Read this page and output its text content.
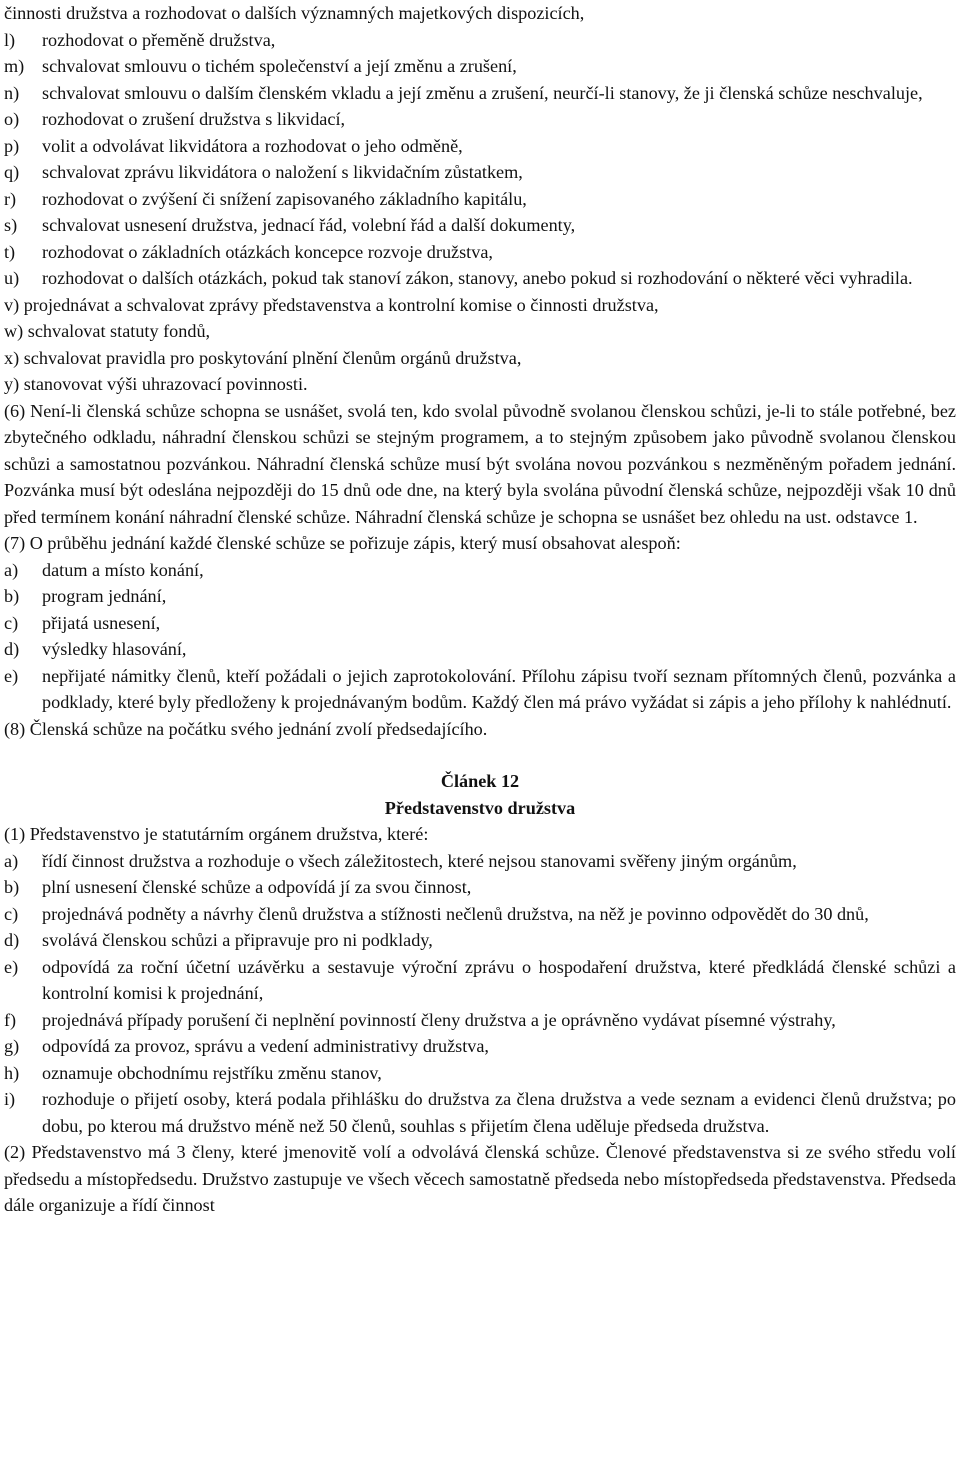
činnosti družstva a rozhodovat o dalších významných majetkových dispozicích,
l)	rozhodovat o přeměně družstva,
m) schvalovat smlouvu o tichém společenství a její změnu a zrušení,
n)	schvalovat smlouvu o dalším členském vkladu a její změnu a zrušení, neurčí-li stanovy, že ji členská schůze neschvaluje,
o)	rozhodovat o zrušení družstva s likvidací,
p)	volit a odvolávat likvidátora a rozhodovat o jeho odměně,
q)	schvalovat zprávu likvidátora o naložení s likvidačním zůstatkem,
r)	rozhodovat o zvýšení či snížení zapisovaného základního kapitálu,
s)	schvalovat usnesení družstva, jednací řád, volební řád a další dokumenty,
t)	rozhodovat o základních otázkách koncepce rozvoje družstva,
u)	rozhodovat o dalších otázkách, pokud tak stanoví zákon, stanovy, anebo pokud si rozhodování o některé věci vyhradila.
v) projednávat a schvalovat zprávy představenstva a kontrolní komise o činnosti družstva,
w) schvalovat statuty fondů,
x) schvalovat pravidla pro poskytování plnění členům orgánů družstva,
y) stanovovat výši uhrazovací povinnosti.
(6) Není-li členská schůze schopna se usnášet, svolá ten, kdo svolal původně svolanou členskou schůzi, je-li to stále potřebné, bez zbytečného odkladu, náhradní členskou schůzi se stejným programem, a to stejným způsobem jako původně svolanou členskou schůzi a samostatnou pozvánkou. Náhradní členská schůze musí být svolána novou pozvánkou s nezměněným pořadem jednání. Pozvánka musí být odeslána nejpozději do 15 dnů ode dne, na který byla svolána původní členská schůze, nejpozději však 10 dnů před termínem konání náhradní členské schůze. Náhradní členská schůze je schopna se usnášet bez ohledu na ust. odstavce 1.
(7) O průběhu jednání každé členské schůze se pořizuje zápis, který musí obsahovat alespoň:
a)	datum a místo konání,
b)	program jednání,
c)	přijatá usnesení,
d)	výsledky hlasování,
e)	nepřijaté námitky členů, kteří požádali o jejich zaprotokolování. Přílohu zápisu tvoří seznam přítomných členů, pozvánka a podklady, které byly předloženy k projednávaným bodům. Každý člen má právo vyžádat si zápis a jeho přílohy k nahlédnutí.
(8) Členská schůze na počátku svého jednání zvolí předsedajícího.
Článek 12
Představenstvo družstva
(1) Představenstvo je statutárním orgánem družstva, které:
a)	řídí činnost družstva a rozhoduje o všech záležitostech, které nejsou stanovami svěřeny jiným orgánům,
b)	plní usnesení členské schůze a odpovídá jí za svou činnost,
c)	projednává podněty a návrhy členů družstva a stížnosti nečlenů družstva, na něž je povinno odpovědět do 30 dnů,
d)	svolává členskou schůzi a připravuje pro ni podklady,
e)	odpovídá za roční účetní uzávěrku a sestavuje výroční zprávu o hospodaření družstva, které předkládá členské schůzi a kontrolní komisi k projednání,
f)	projednává případy porušení či neplnění povinností členy družstva a je oprávněno vydávat písemné výstrahy,
g)	odpovídá za provoz, správu a vedení administrativy družstva,
h)	oznamuje obchodnímu rejstříku změnu stanov,
i)	rozhoduje o přijetí osoby, která podala přihlášku do družstva za člena družstva a vede seznam a evidenci členů družstva; po dobu, po kterou má družstvo méně než 50 členů, souhlas s přijetím člena uděluje předseda družstva.
(2) Představenstvo má 3 členy, které jmenovitě volí a odvolává členská schůze. Členové představenstva si ze svého středu volí předsedu a místopředsedu. Družstvo zastupuje ve všech věcech samostatně předseda nebo místopředseda představenstva. Předseda dále organizuje a řídí činnost
